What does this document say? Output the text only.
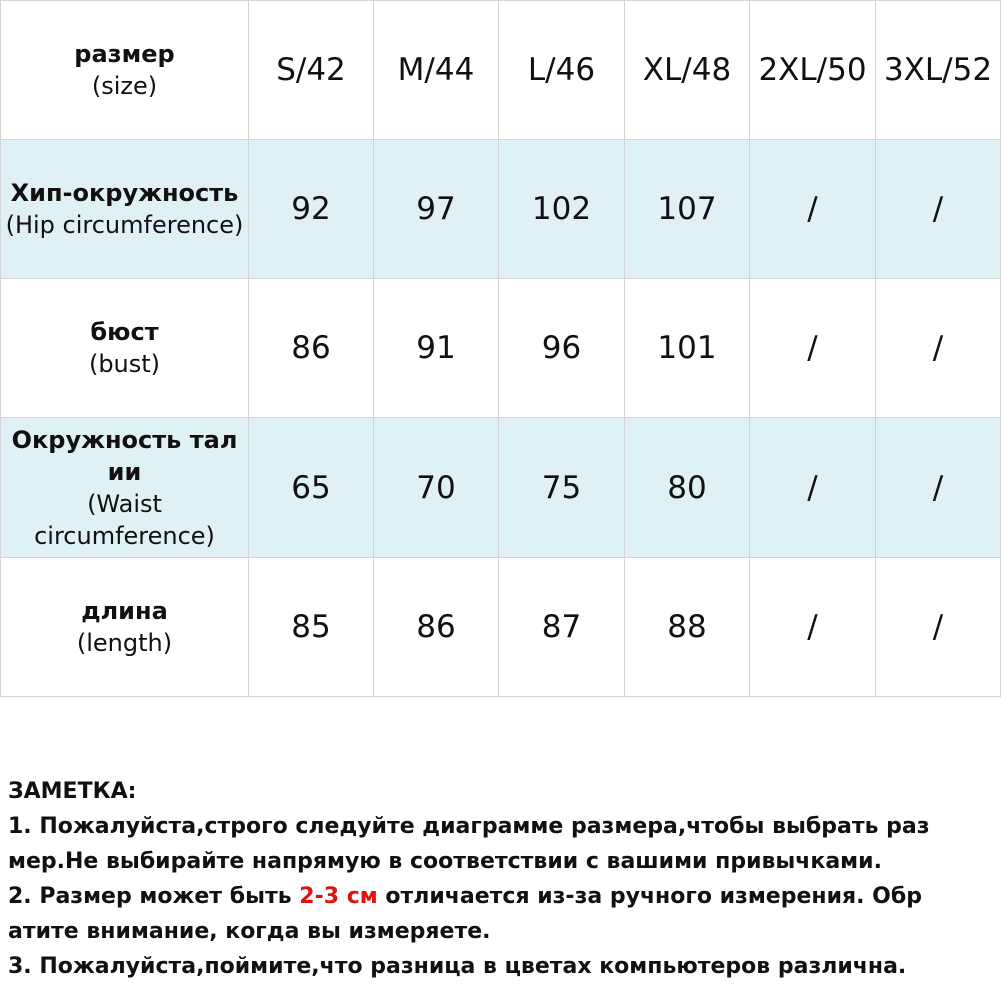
размер
(size)	S/42	M/44	L/46	XL/48	2XL/50	3XL/52

Хип-окружность
(Hip circumference)	92	97	102	107	/	/

бюст
(bust)	86	91	96	101	/	/

Окружность тал ии
(Waist circumference)	65	70	75	80	/	/

длина
(length)	85	86	87	88	/	/

ЗАМЕТКА:

1. Пожалуйста,строго следуйте диаграмме размера,чтобы выбрать раз мер.Не выбирайте напрямую в соответствии с вашими привычками.

2. Размер может быть 2-3 см отличается из-за ручного измерения. Обр атите внимание, когда вы измеряете.

3. Пожалуйста,поймите,что разница в цветах компьютеров различна.
